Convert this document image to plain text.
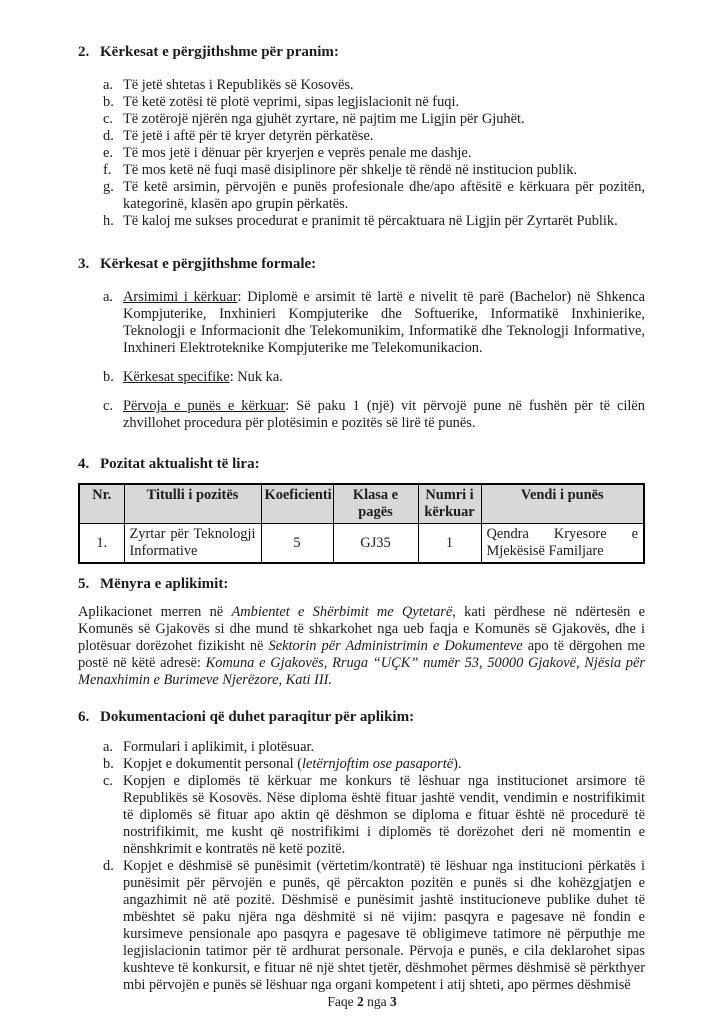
2. Kërkesat e përgjithshme për pranim:
a. Të jetë shtetas i Republikës së Kosovës.
b. Të ketë zotësi të plotë veprimi, sipas legjislacionit në fuqi.
c. Të zotërojë njërën nga gjuhët zyrtare, në pajtim me Ligjin për Gjuhët.
d. Të jetë i aftë për të kryer detyrën përkatëse.
e. Të mos jetë i dënuar për kryerjen e veprës penale me dashje.
f. Të mos ketë në fuqi masë disiplinore për shkelje të rëndë në institucion publik.
g. Të ketë arsimin, përvojën e punës profesionale dhe/apo aftësitë e kërkuara për pozitën, kategorinë, klasën apo grupin përkatës.
h. Të kaloj me sukses procedurat e pranimit të përcaktuara në Ligjin për Zyrtarët Publik.
3. Kërkesat e përgjithshme formale:
a. Arsimimi i kërkuar: Diplomë e arsimit të lartë e nivelit të parë (Bachelor) në Shkenca Kompjuterike, Inxhinieri Kompjuterike dhe Softuerike, Informatikë Inxhinierike, Teknologji e Informacionit dhe Telekomunikim, Informatikë dhe Teknologji Informative, Inxhineri Elektroteknike Kompjuterike me Telekomunikacion.
b. Kërkesat specifike: Nuk ka.
c. Përvoja e punës e kërkuar: Së paku 1 (një) vit përvojë pune në fushën për të cilën zhvillohet procedura për plotësimin e pozitës së lirë të punës.
4. Pozitat aktualisht të lira:
Nr.	Titulli i pozitës	Koeficienti	Klasa e pagës	Numri i kërkuar	Vendi i punës
1.	Zyrtar për Teknologji Informative	5	GJ35	1	Qendra Kryesore e Mjekësisë Familjare
5. Mënyra e aplikimit:

Aplikacionet merren në Ambientet e Shërbimit me Qytetarë, kati përdhese në ndërtesën e Komunës së Gjakovës si dhe mund të shkarkohet nga ueb faqja e Komunës së Gjakovës, dhe i plotësuar dorëzohet fizikisht në Sektorin për Administrimin e Dokumenteve apo të dërgohen me postë në këtë adresë: Komuna e Gjakovës, Rruga “UÇK” numër 53, 50000 Gjakovë, Njësia për Menaxhimin e Burimeve Njerëzore, Kati III.

6. Dokumentacioni që duhet paraqitur për aplikim:
a. Formulari i aplikimit, i plotësuar.
b. Kopjet e dokumentit personal (letërnjoftim ose pasaportë).
c. Kopjen e diplomës të kërkuar me konkurs të lëshuar nga institucionet arsimore të Republikës së Kosovës. Nëse diploma është fituar jashtë vendit, vendimin e nostrifikimit të diplomës së fituar apo aktin që dëshmon se diploma e fituar është në procedurë të nostrifikimit, me kusht që nostrifikimi i diplomës të dorëzohet deri në momentin e nënshkrimit e kontratës në ketë pozitë.
d. Kopjet e dëshmisë së punësimit (vërtetim/kontratë) të lëshuar nga institucioni përkatës i punësimit për përvojën e punës, që përcakton pozitën e punës si dhe kohëzgjatjen e angazhimit në atë pozitë. Dëshmisë e punësimit jashtë institucioneve publike duhet të mbështet së paku njëra nga dëshmitë si në vijim: pasqyra e pagesave në fondin e kursimeve pensionale apo pasqyra e pagesave të obligimeve tatimore në përputhje me legjislacionin tatimor për të ardhurat personale. Përvoja e punës, e cila deklarohet sipas kushteve të konkursit, e fituar në një shtet tjetër, dëshmohet përmes dëshmisë së përkthyer mbi përvojën e punës së lëshuar nga organi kompetent i atij shteti, apo përmes dëshmisë
Faqe 2 nga 3
